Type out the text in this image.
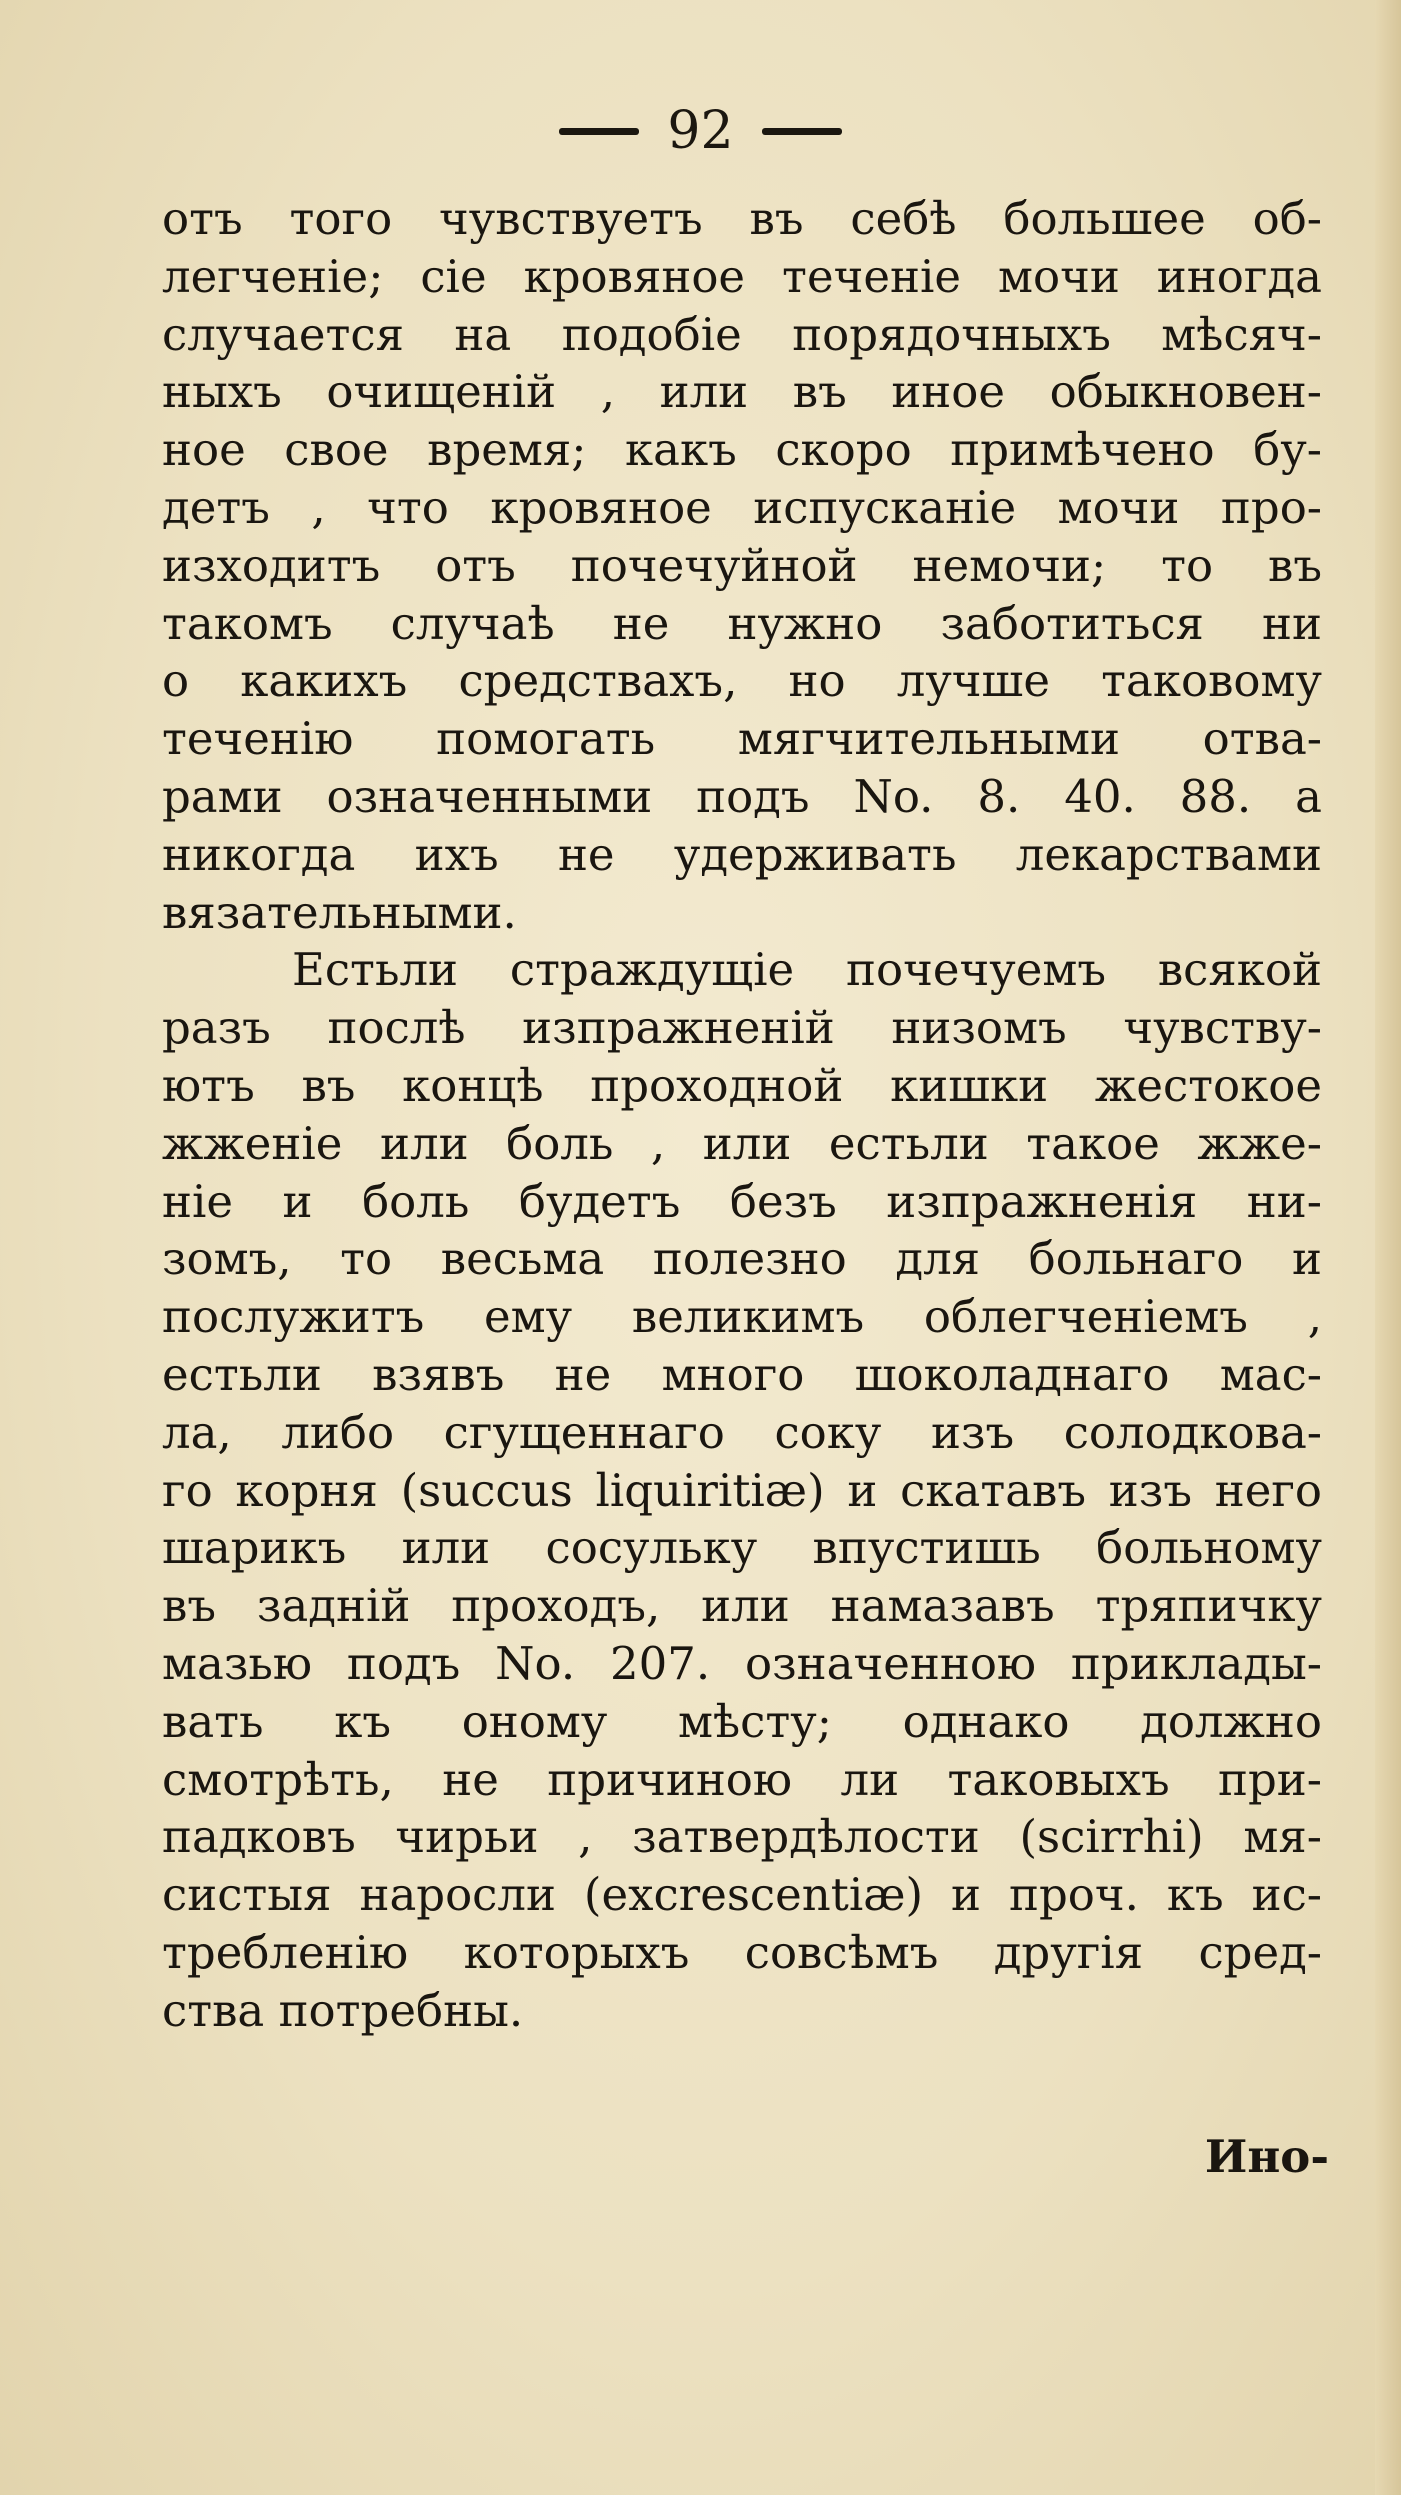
92
отъ того чувствуетъ въ себѣ большее об-
легченiе; сiе кровяное теченiе мочи иногда
случается на подобiе порядочныхъ мѣсяч-
ныхъ очищенiй , или въ иное обыкновен-
ное свое время; какъ скоро примѣчено бу-
детъ , что кровяное испусканiе мочи про-
изходитъ отъ почечуйной немочи; то въ
такомъ случаѣ не нужно заботиться ни
о какихъ средствахъ, но лучше таковому
теченiю помогать мягчительными отва-
рами означенными подъ No. 8. 40. 88. а
никогда ихъ не удерживать лекарствами
вязательными.
Естьли страждущiе почечуемъ всякой
разъ послѣ изпражненiй низомъ чувству-
ютъ въ концѣ проходной кишки жестокое
жженiе или боль , или естьли такое жже-
нiе и боль будетъ безъ изпражненiя ни-
зомъ, то весьма полезно для больнаго и
послужитъ ему великимъ облегченiемъ ,
естьли взявъ не много шоколаднаго мас-
ла, либо сгущеннаго соку изъ солодкова-
го корня (succus liquiritiæ) и скатавъ изъ него
шарикъ или сосульку впустишь больному
въ заднiй проходъ, или намазавъ тряпичку
мазью подъ No. 207. означенною приклады-
вать къ оному мѣсту; однако должно
смотрѣть, не причиною ли таковыхъ при-
падковъ чирьи , затвердѣлости (scirrhi) мя-
систыя наросли (excrescentiæ) и проч. къ ис-
требленiю которыхъ совсѣмъ другiя сред-
ства потребны.
Ино-
